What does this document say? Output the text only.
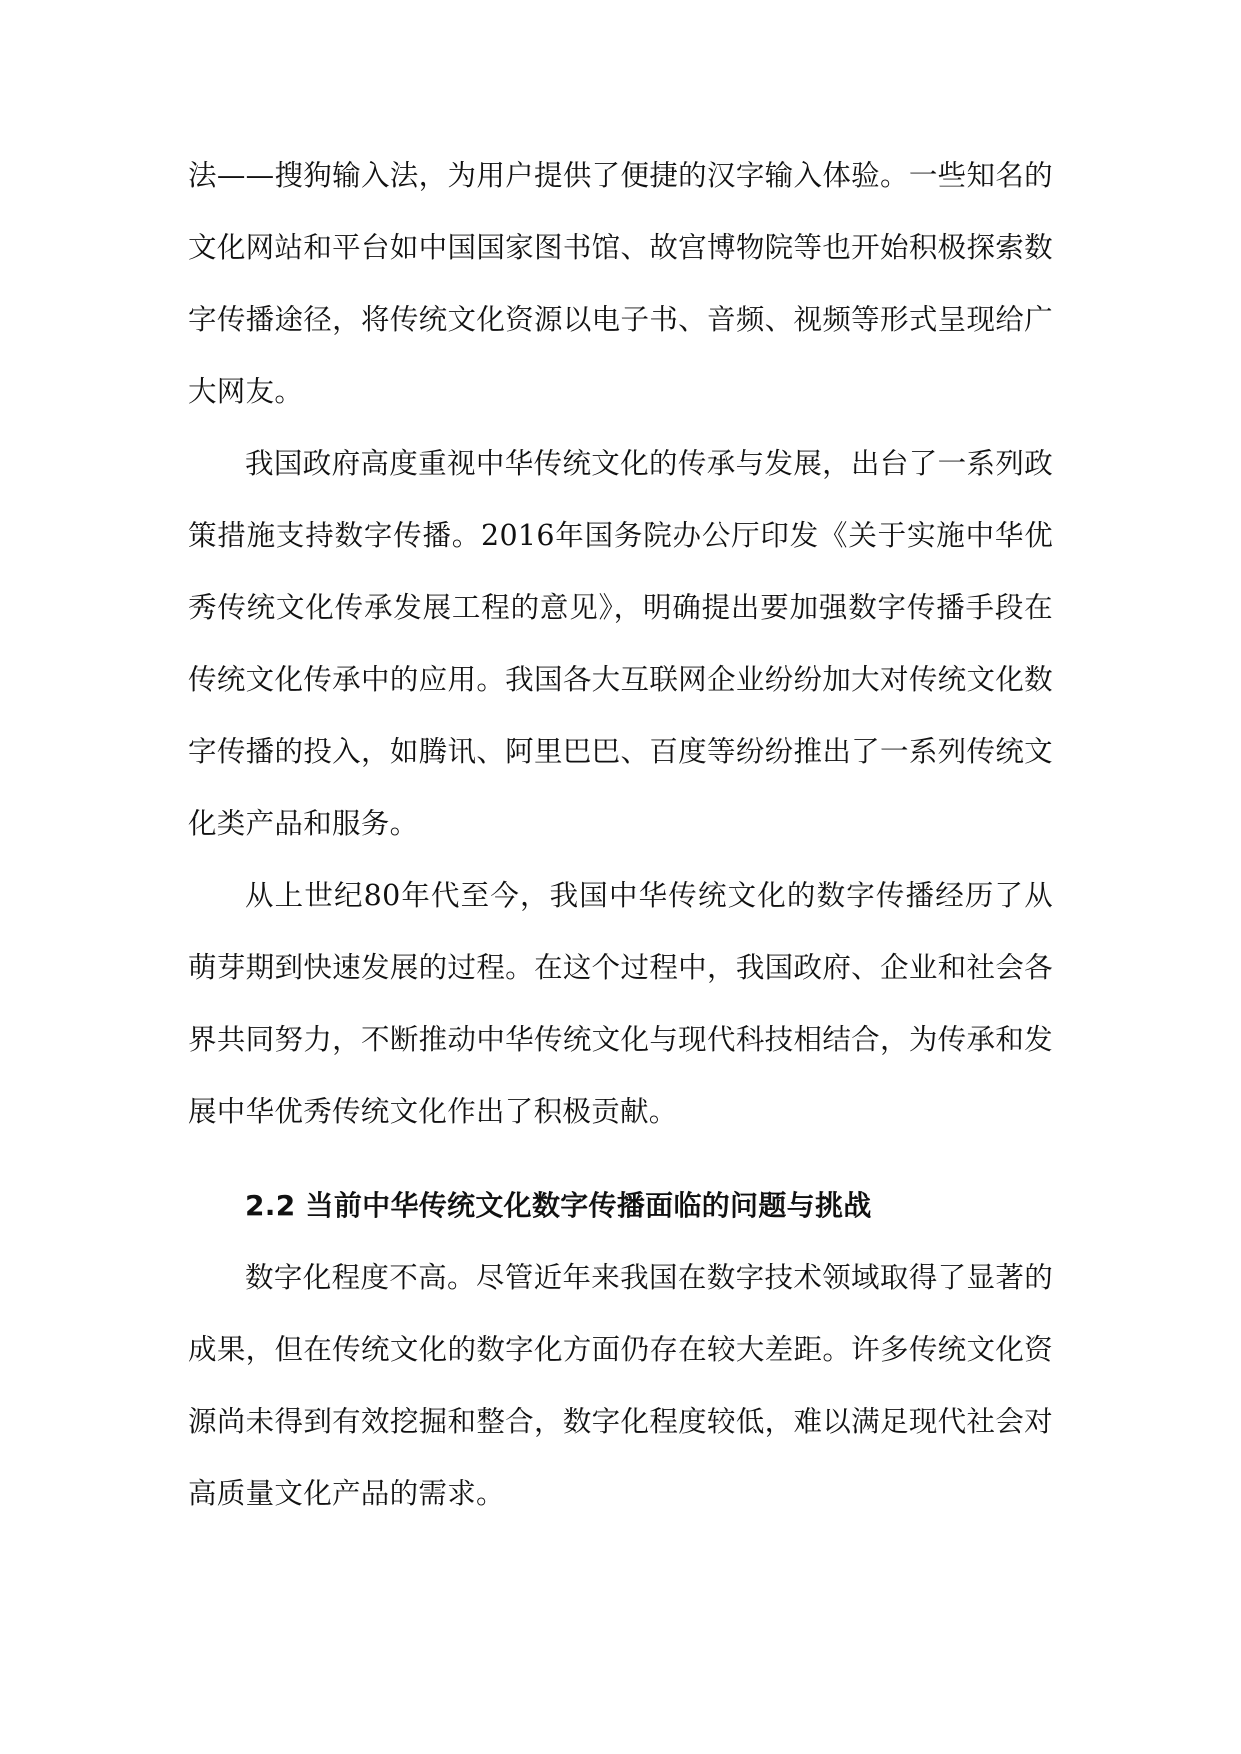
法——搜狗输入法，为用户提供了便捷的汉字输入体验。一些知名的文化网站和平台如中国国家图书馆、故宫博物院等也开始积极探索数字传播途径，将传统文化资源以电子书、音频、视频等形式呈现给广大网友。

我国政府高度重视中华传统文化的传承与发展，出台了一系列政策措施支持数字传播。2016年国务院办公厅印发《关于实施中华优秀传统文化传承发展工程的意见》，明确提出要加强数字传播手段在传统文化传承中的应用。我国各大互联网企业纷纷加大对传统文化数字传播的投入，如腾讯、阿里巴巴、百度等纷纷推出了一系列传统文化类产品和服务。

从上世纪80年代至今，我国中华传统文化的数字传播经历了从萌芽期到快速发展的过程。在这个过程中，我国政府、企业和社会各界共同努力，不断推动中华传统文化与现代科技相结合，为传承和发展中华优秀传统文化作出了积极贡献。

2.2 当前中华传统文化数字传播面临的问题与挑战

数字化程度不高。尽管近年来我国在数字技术领域取得了显著的成果，但在传统文化的数字化方面仍存在较大差距。许多传统文化资源尚未得到有效挖掘和整合，数字化程度较低，难以满足现代社会对高质量文化产品的需求。
